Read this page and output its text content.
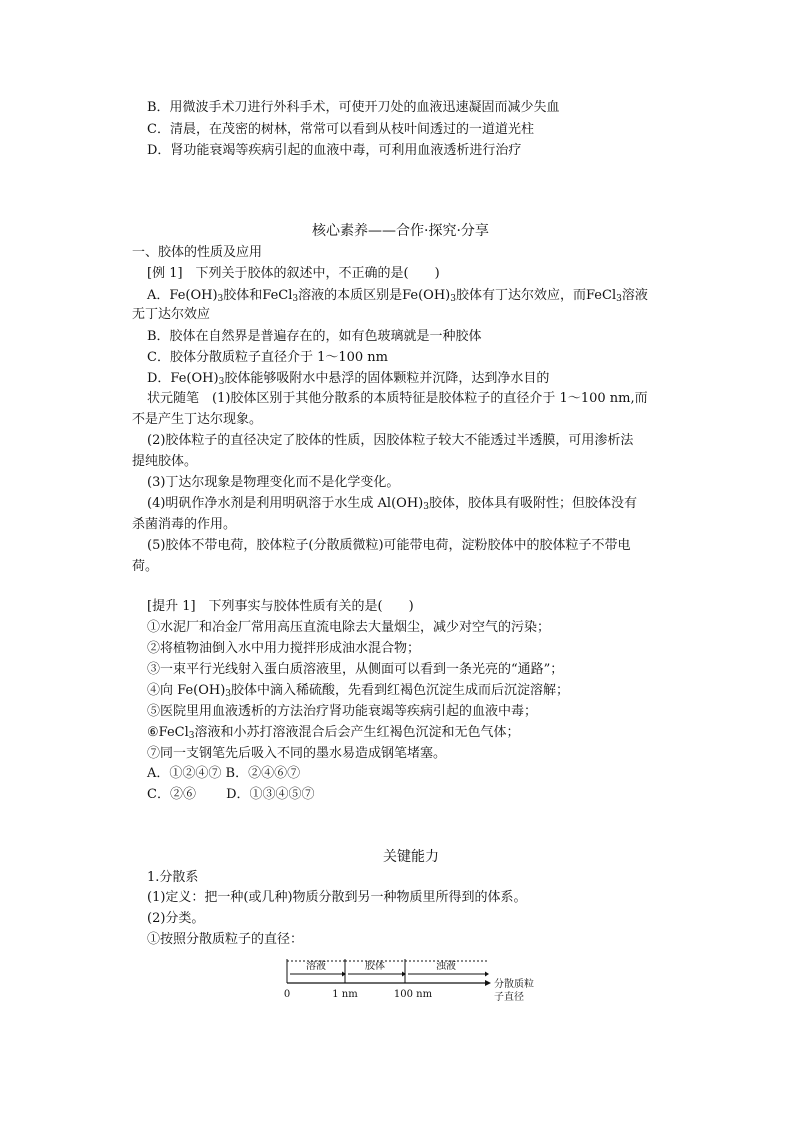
B．用微波手术刀进行外科手术，可使开刀处的血液迅速凝固而减少失血
C．清晨，在茂密的树林，常常可以看到从枝叶间透过的一道道光柱
D．肾功能衰竭等疾病引起的血液中毒，可利用血液透析进行治疗
核心素养——合作·探究·分享
一、胶体的性质及应用
[例 1]　下列关于胶体的叙述中，不正确的是(　　)
A．$Fe(OH)_3$胶体和FeCl$_3$溶液的本质区别是$Fe(OH)_3$胶体有丁达尔效应，而FeCl$_3$溶液
无丁达尔效应
B．胶体在自然界是普遍存在的，如有色玻璃就是一种胶体
C．胶体分散质粒子直径介于 1～100 nm
D．$Fe(OH)_3$胶体能够吸附水中悬浮的固体颗粒并沉降，达到净水目的
状元随笔　(1)胶体区别于其他分散系的本质特征是胶体粒子的直径介于 1～100 nm,而
不是产生丁达尔现象。
(2)胶体粒子的直径决定了胶体的性质，因胶体粒子较大不能透过半透膜，可用渗析法
提纯胶体。
(3)丁达尔现象是物理变化而不是化学变化。
(4)明矾作净水剂是利用明矾溶于水生成 $Al(OH)_3$胶体，胶体具有吸附性；但胶体没有
杀菌消毒的作用。
(5)胶体不带电荷，胶体粒子(分散质微粒)可能带电荷，淀粉胶体中的胶体粒子不带电
荷。
[提升 1]　下列事实与胶体性质有关的是(　　)
①水泥厂和冶金厂常用高压直流电除去大量烟尘，减少对空气的污染；
②将植物油倒入水中用力搅拌形成油水混合物；
③一束平行光线射入蛋白质溶液里，从侧面可以看到一条光亮的“通路”；
④向 $Fe(OH)_3$胶体中滴入稀硫酸，先看到红褐色沉淀生成而后沉淀溶解；
⑤医院里用血液透析的方法治疗肾功能衰竭等疾病引起的血液中毒；
⑥FeCl$_3$溶液和小苏打溶液混合后会产生红褐色沉淀和无色气体；
⑦同一支钢笔先后吸入不同的墨水易造成钢笔堵塞。
A．①②④⑦ B．②④⑥⑦
C．②⑥　　 D．①③④⑤⑦
关键能力
1.分散系
(1)定义：把一种(或几种)物质分散到另一种物质里所得到的体系。
(2)分类。
①按照分散质粒子的直径：
溶液	胶体	浊液
0	1 nm	100 nm
分散质粒
子直径
